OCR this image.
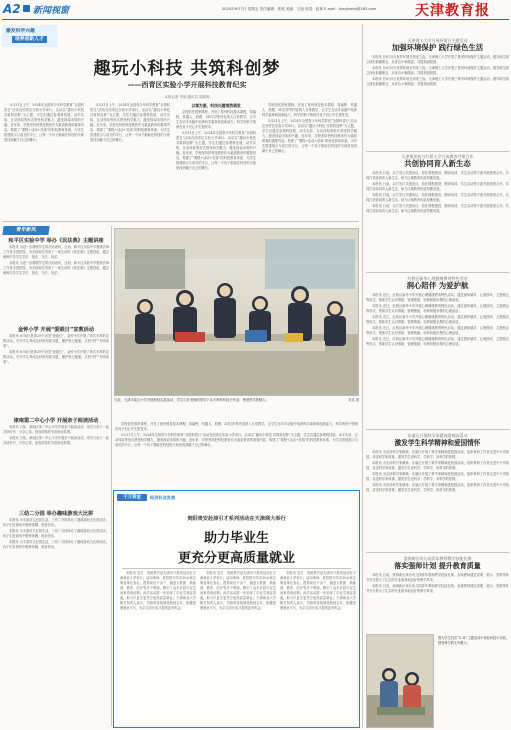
A2 新闻视窗	2024年6月7日 星期五 责任编辑：张悦 美编：王朋 视觉：赵林 E-mail：tianjinedu@163.com	天津教育报
激发科学兴趣
培养创新人才
趣玩小科技 共筑科创梦
——西青区实验小学开展科技教育纪实
本报记者 毕欣 通讯员 周婷婷

5月31日上午，2024年全国青少年科学教育“全国科普日”活动在西青区实验小学举行。活动以“趣玩小科技 共筑科创梦”为主题，学生们通过参观科技展、动手实验、互动体验等形式感受科学魅力，激发探索未知的兴趣。近年来，学校坚持把科技教育作为素质教育的重要内容，构建了“课程+活动+竞赛”的科技教育体系，为学生搭建展示与成长的平台，让每一个孩子都能在科技的天地里找到属于自己的舞台。

5月31日上午，2024年全国青少年科学教育“全国科普日”活动在西青区实验小学举行。活动以“趣玩小科技 共筑科创梦”为主题，学生们通过参观科技展、动手实验、互动体验等形式感受科学魅力，激发探索未知的兴趣。近年来，学校坚持把科技教育作为素质教育的重要内容，构建了“课程+活动+竞赛”的科技教育体系，为学生搭建展示与成长的平台，让每一个孩子都能在科技的天地里找到属于自己的舞台。

以课为基，科技兴趣悄然萌发

学校依托国家课程，开发了系列科技校本课程，将编程、机器人、航模、3D打印等内容纳入日常教学，让学生在动手动脑中培养科学素养和创新能力，科学的种子悄悄在孩子们心中生根发芽。

5月31日上午，2024年全国青少年科学教育“全国科普日”活动在西青区实验小学举行。活动以“趣玩小科技 共筑科创梦”为主题，学生们通过参观科技展、动手实验、互动体验等形式感受科学魅力，激发探索未知的兴趣。近年来，学校坚持把科技教育作为素质教育的重要内容，构建了“课程+活动+竞赛”的科技教育体系，为学生搭建展示与成长的平台，让每一个孩子都能在科技的天地里找到属于自己的舞台。

学校依托国家课程，开发了系列科技校本课程，将编程、机器人、航模、3D打印等内容纳入日常教学，让学生在动手动脑中培养科学素养和创新能力，科学的种子悄悄在孩子们心中生根发芽。

5月31日上午，2024年全国青少年科学教育“全国科普日”活动在西青区实验小学举行。活动以“趣玩小科技 共筑科创梦”为主题，学生们通过参观科技展、动手实验、互动体验等形式感受科学魅力，激发探索未知的兴趣。近年来，学校坚持把科技教育作为素质教育的重要内容，构建了“课程+活动+竞赛”的科技教育体系，为学生搭建展示与成长的平台，让每一个孩子都能在科技的天地里找到属于自己的舞台。

青年新风
和平区实验中学 举办《民法典》主题讲座

本报讯 为进一步增强学生的法治意识，日前，和平区实验中学邀请法律工作者走进校园，为全校师生带来了一场生动的《民法典》主题讲座，通过案例引导学生学法、知法、守法、用法。

本报讯 为进一步增强学生的法治意识，日前，和平区实验中学邀请法律工作者走进校园，为全校师生带来了一场生动的《民法典》主题讲座，通过案例引导学生学法、知法、守法、用法。

金钟小学 开展“爱眼日”宣教活动

本报讯 6月6日是第29个全国“爱眼日”，金钟小学开展了形式多样的宣教活动，引导学生养成良好的用眼习惯，保护视力健康，共同守护“光明未来”。

本报讯 6月6日是第29个全国“爱眼日”，金钟小学开展了形式多样的宣教活动，引导学生养成良好的用眼习惯，保护视力健康，共同守护“光明未来”。

津南第二中心小学 开展亲子阅读活动

本报讯 日前，津南区第二中心小学开展亲子阅读活动，家长与孩子一起共读好书、分享心得，营造浓厚的书香家庭氛围。

本报讯 日前，津南区第二中心小学开展亲子阅读活动，家长与孩子一起共读好书、分享心得，营造浓厚的书香家庭氛围。

三幼二分园 举办趣味游戏大比拼

本报讯 为丰富幼儿在园生活，三幼二分园举办了趣味游戏大比拼活动，孩子们在游戏中锻炼体魄、收获快乐。

本报讯 为丰富幼儿在园生活，三幼二分园举办了趣味游戏大比拼活动，孩子们在游戏中锻炼体魄、收获快乐。

本报讯 为丰富幼儿在园生活，三幼二分园举办了趣味游戏大比拼活动，孩子们在游戏中锻炼体魄、收获快乐。

日前，天津市某区小学开展科技实践活动，学生们在老师的指导下动手制作科技小作品，感受科学的魅力。	刘某 摄
千万资金	经济社会发展
贵阳贵安赴津引才系列活动在天津商大举行
助力毕业生
更充分更高质量就业

本报讯 近日，贵阳贵安赴天津引才系列活动在天津商业大学举行。活动现场，贵阳贵安共有50余家企事业单位参会，提供岗位千余个，涵盖大数据、新能源、教育、医疗等多个领域，吸引了众多应届毕业生前来咨询应聘。此次活动进一步拓宽了毕业生就业渠道，助力毕业生更充分更高质量就业。天津商业大学相关负责人表示，学校将持续深化校地合作，积极搭建就业平台，为学生成长成才提供更多机会。

本报讯 近日，贵阳贵安赴天津引才系列活动在天津商业大学举行。活动现场，贵阳贵安共有50余家企事业单位参会，提供岗位千余个，涵盖大数据、新能源、教育、医疗等多个领域，吸引了众多应届毕业生前来咨询应聘。此次活动进一步拓宽了毕业生就业渠道，助力毕业生更充分更高质量就业。天津商业大学相关负责人表示，学校将持续深化校地合作，积极搭建就业平台，为学生成长成才提供更多机会。

本报讯 近日，贵阳贵安赴天津引才系列活动在天津商业大学举行。活动现场，贵阳贵安共有50余家企事业单位参会，提供岗位千余个，涵盖大数据、新能源、教育、医疗等多个领域，吸引了众多应届毕业生前来咨询应聘。此次活动进一步拓宽了毕业生就业渠道，助力毕业生更充分更高质量就业。天津商业大学相关负责人表示，学校将持续深化校地合作，积极搭建就业平台，为学生成长成才提供更多机会。

学校依托国家课程，开发了系列科技校本课程，将编程、机器人、航模、3D打印等内容纳入日常教学，让学生在动手动脑中培养科学素养和创新能力，科学的种子悄悄在孩子们心中生根发芽。

5月31日上午，2024年全国青少年科学教育“全国科普日”活动在西青区实验小学举行。活动以“趣玩小科技 共筑科创梦”为主题，学生们通过参观科技展、动手实验、互动体验等形式感受科学魅力，激发探索未知的兴趣。近年来，学校坚持把科技教育作为素质教育的重要内容，构建了“课程+活动+竞赛”的科技教育体系，为学生搭建展示与成长的平台，让每一个孩子都能在科技的天地里找到属于自己的舞台。

天津理工大学开展环境日主题活动
加强环境保护 践行绿色生活

本报讯 在6月5日世界环境日到来之际，天津理工大学开展了系列环境保护主题活动，倡导师生树立绿色低碳理念，从身边小事做起，共建美丽校园。

本报讯 在6月5日世界环境日到来之际，天津理工大学开展了系列环境保护主题活动，倡导师生树立绿色低碳理念，从身边小事做起，共建美丽校园。

本报讯 在6月5日世界环境日到来之际，天津理工大学开展了系列环境保护主题活动，倡导师生树立绿色低碳理念，从身边小事做起，共建美丽校园。

天津集团校与红桥小学合成教育共建合作
共创协同育人新生态

本报讯 日前，双方签订共建协议，将在课程建设、教师培训、学生活动等方面开展深度合作，共同打造协同育人新生态，助力区域教育优质均衡发展。

本报讯 日前，双方签订共建协议，将在课程建设、教师培训、学生活动等方面开展深度合作，共同打造协同育人新生态，助力区域教育优质均衡发展。

本报讯 日前，双方签订共建协议，将在课程建设、教师培训、学生活动等方面开展深度合作，共同打造协同育人新生态，助力区域教育优质均衡发展。

本报讯 日前，双方签订共建协议，将在课程建设、教师培训、学生活动等方面开展深度合作，共同打造协同育人新生态，助力区域教育优质均衡发展。

红桥区新华心理健康教育特色活动
润心陪伴 为爱护航

本报讯 近日，红桥区新华小学开展心理健康教育特色活动，通过团体辅导、心理游戏、主题班会等形式，帮助学生认识情绪、管理情绪，培养积极乐观的心理品质。

本报讯 近日，红桥区新华小学开展心理健康教育特色活动，通过团体辅导、心理游戏、主题班会等形式，帮助学生认识情绪、管理情绪，培养积极乐观的心理品质。

本报讯 近日，红桥区新华小学开展心理健康教育特色活动，通过团体辅导、心理游戏、主题班会等形式，帮助学生认识情绪、管理情绪，培养积极乐观的心理品质。

本报讯 近日，红桥区新华小学开展心理健康教育特色活动，通过团体辅导、心理游戏、主题班会等形式，帮助学生认识情绪、管理情绪，培养积极乐观的心理品质。

本报讯 近日，红桥区新华小学开展心理健康教育特色活动，通过团体辅导、心理游戏、主题班会等形式，帮助学生认识情绪、管理情绪，培养积极乐观的心理品质。

东丽区开展科学家精神进校园活动
激发学生科学精神和爱国情怀

本报讯 为弘扬科学家精神，东丽区开展了科学家精神进校园活动，组织科研工作者走进中小学校园，讲述科学家故事，激发学生爱科学、学科学、用科学的热情。

本报讯 为弘扬科学家精神，东丽区开展了科学家精神进校园活动，组织科研工作者走进中小学校园，讲述科学家故事，激发学生爱科学、学科学、用科学的热情。

本报讯 为弘扬科学家精神，东丽区开展了科学家精神进校园活动，组织科研工作者走进中小学校园，讲述科学家故事，激发学生爱科学、学科学、用科学的热情。

本报讯 为弘扬科学家精神，东丽区开展了科学家精神进校园活动，组织科研工作者走进中小学校园，讲述科学家故事，激发学生爱科学、学科学、用科学的热情。

滨海新区幼儿园青年教师教学技能比赛
落实强师计划 提升教育质量

本报讯 日前，滨海新区举办幼儿园青年教师教学技能比赛，参赛教师通过说课、展示、答辩等环节充分展示了扎实的专业素养和良好的教学风采。

本报讯 日前，滨海新区举办幼儿园青年教师教学技能比赛，参赛教师通过说课、展示、答辩等环节充分展示了扎实的专业素养和良好的教学风采。

图为学生们在“5.31”主题活动中体验科技小实验，感受科学的无穷魅力。
